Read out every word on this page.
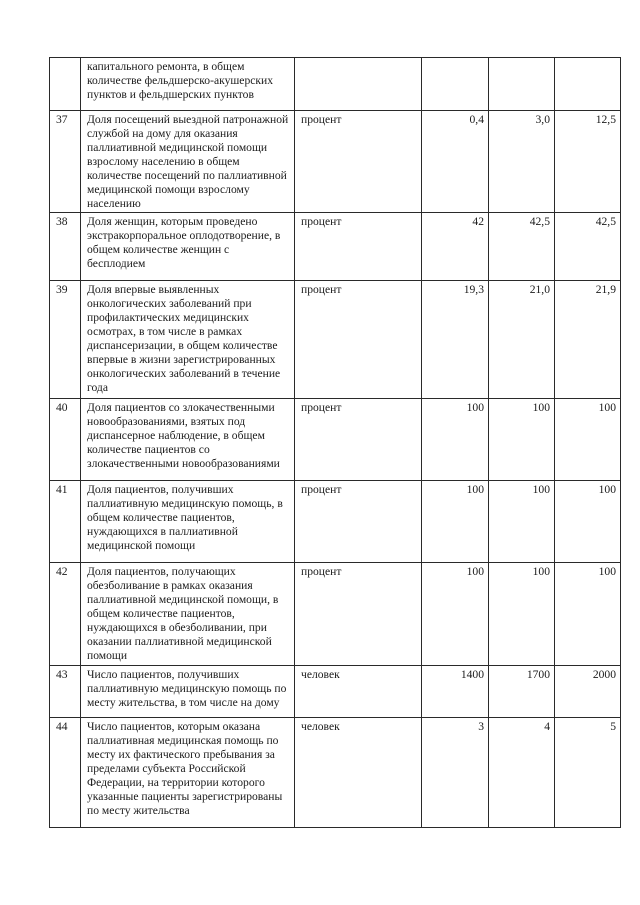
	капитального ремонта, в общем количестве фельдшерско-акушерских пунктов и фельдшерских пунктов				
37	Доля посещений выездной патронажной службой на дому для оказания паллиативной медицинской помощи взрослому населению в общем количестве посещений по паллиативной медицинской помощи взрослому населению	процент	0,4	3,0	12,5
38	Доля женщин, которым проведено экстракорпоральное оплодотворение, в общем количестве женщин с бесплодием	процент	42	42,5	42,5
39	Доля впервые выявленных онкологических заболеваний при профилактических медицинских осмотрах, в том числе в рамках диспансеризации, в общем количестве впервые в жизни зарегистрированных онкологических заболеваний в течение года	процент	19,3	21,0	21,9
40	Доля пациентов со злокачественными новообразованиями, взятых под диспансерное наблюдение, в общем количестве пациентов со злокачественными новообразованиями	процент	100	100	100
41	Доля пациентов, получивших паллиативную медицинскую помощь, в общем количестве пациентов, нуждающихся в паллиативной медицинской помощи	процент	100	100	100
42	Доля пациентов, получающих обезболивание в рамках оказания паллиативной медицинской помощи, в общем количестве пациентов, нуждающихся в обезболивании, при оказании паллиативной медицинской помощи	процент	100	100	100
43	Число пациентов, получивших паллиативную медицинскую помощь по месту жительства, в том числе на дому	человек	1400	1700	2000
44	Число пациентов, которым оказана паллиативная медицинская помощь по месту их фактического пребывания за пределами субъекта Российской Федерации, на территории которого указанные пациенты зарегистрированы по месту жительства	человек	3	4	5
